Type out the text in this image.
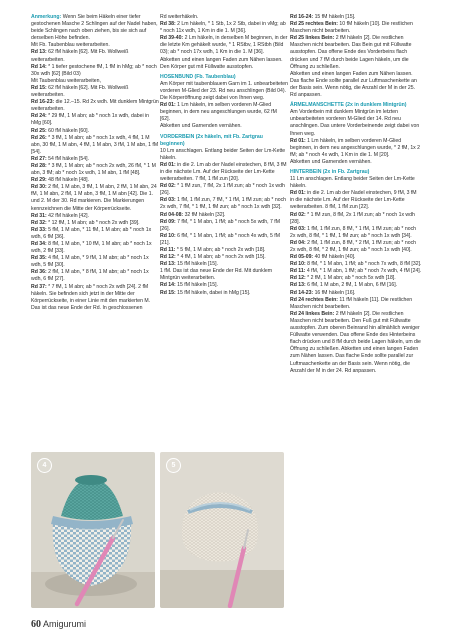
Anmerkung: Wenn Sie beim Häkeln einer tiefer gestochenen Masche 2 Schlingen auf der Nadel haben, beide Schlingen nach oben ziehen, bis sie sich auf derselben Höhe befinden.

Mit Fb. Taubenblau weiterarbeiten.

Rd 13: 62 fM häkeln [62]. Mit Fb. Wollweiß weiterarbeiten.

Rd 14: * 1 tiefer gestochene fM, 1 fM in hMg; ab * noch 30x wdh [62] (Bild 03)

Mit Taubenblau weiterarbeiten,

Rd 15: 62 fM häkeln [62]. Mit Fb. Wollweiß weiterarbeiten.

Rd 16-23: die 12.–15. Rd 2x wdh. Mit dunklem Mintgrün weiterarbeiten.

Rd 24: * 29 fM, 1 M abn; ab * noch 1x wdh, dabei in hMg [60].

Rd 25: 60 fM häkeln [60].

Rd 26: * 3 fM, 1 M abn; ab * noch 1x wdh, 4 fM, 1 M abn, 30 fM, 1 M abn, 4 fM, 1 M abn, 3 fM, 1 M abn, 1 fM [54].

Rd 27: 54 fM häkeln [54].

Rd 28: * 3 fM, 1 M abn; ab * noch 2x wdh, 26 fM, * 1 M abn, 3 fM; ab * noch 1x wdh, 1 M abn, 1 fM [48].

Rd 29: 48 fM häkeln [48].

Rd 30: 2 fM, 1 M abn, 3 fM, 1 M abn, 2 fM, 1 M abn, 24 fM, 1 M abn, 2 fM, 1 M abn, 3 fM, 1 M abn [42]. Die 1. und 2. M der 30. Rd markieren. Die Markierungen kennzeichnen die Mitte der Körperrückseite.

Rd 31: 42 fM häkeln [42].

Rd 32: * 12 fM, 1 M abn; ab * noch 2x wdh [39].

Rd 33: 5 fM, 1 M abn, * 11 fM, 1 M abn; ab * noch 1x wdh, 6 fM [36].

Rd 34: 8 fM, 1 M abn, * 10 fM, 1 M abn; ab * noch 1x wdh, 2 fM [33].

Rd 35: 4 fM, 1 M abn, * 9 fM, 1 M abn; ab * noch 1x wdh, 5 fM [30].

Rd 36: 2 fM, 1 M abn, * 8 fM, 1 M abn; ab * noch 1x wdh, 6 fM [27].

Rd 37: * 7 fM, 1 M abn; ab * noch 2x wdh [24]. 2 fM häkeln. Sie befinden sich jetzt in der Mitte der Körperrückseite, in einer Linie mit den markierten M. Das ist das neue Ende der Rd. In geschlossenen

Rd weiterhäkeln.

Rd 38: 2 Lm häkeln, * 1 Stb, 1x 2 Stb, dabei in vMg; ab * noch 11x wdh, 1 Km in die 1. M [36].

Rd 39-40: 2 Lm häkeln, in derselben M beginnen, in der die letzte Km gehäkelt wurde, * 1 RStbv, 1 RStbh (Bild 03); ab * noch 17x wdh, 1 Km in die 1. M [36].

Abketten und einen langen Faden zum Nähen lassen. Den Körper gut mit Füllwatte ausstopfen.

HOSENBUND (Fb. Taubenblau)

Am Körper mit taubenblauem Garn im 1. unbearbeiteten vorderen M-Glied der 23. Rd neu anschlingen (Bild 04). Die Körperöffnung zeigt dabei von Ihnen weg.

Rd 01: 1 Lm häkeln, im selben vorderen M-Glied beginnen, in dem neu angeschlungen wurde, 62 fM [62].

Abketten und Garnenden vernähen.

VORDERBEIN (2x häkeln, mit Fb. Zartgrau beginnen)

10 Lm anschlagen. Entlang beider Seiten der Lm-Kette häkeln.

Rd 01: in die 2. Lm ab der Nadel einstechen, 8 fM, 3 fM in die nächste Lm. Auf der Rückseite der Lm-Kette weiterarbeiten. 7 fM, 1 fM zun [20].

Rd 02: * 1 fM zun, 7 fM, 2x 1 fM zun; ab * noch 1x wdh [26].

Rd 03: 1 fM, 1 fM zun, 7 fM, * 1 fM, 1 fM zun; ab * noch 2x wdh, 7 fM, * 1 fM, 1 fM zun; ab * noch 1x wdh [32].

Rd 04-08: 32 fM häkeln [32].

Rd 09: 7 fM, * 1 M abn, 1 fM; ab * noch 5x wdh, 7 fM [26].

Rd 10: 6 fM, * 1 M abn, 1 fM; ab * noch 4x wdh, 5 fM [21].

Rd 11: * 5 fM, 1 M abn; ab * noch 2x wdh [18].

Rd 12: * 4 fM, 1 M abn; ab * noch 2x wdh [15].

Rd 13: 15 fM häkeln [15].

1 fM. Das ist das neue Ende der Rd. Mit dunklem Mintgrün weiterarbeiten.

Rd 14: 15 fM häkeln [15].

Rd 15: 15 fM häkeln, dabei in hMg [15].

Rd 16-24: 15 fM häkeln [15].

Rd 25 rechtes Bein: 10 fM häkeln [10]. Die restlichen Maschen nicht bearbeiten.

Rd 25 linkes Bein: 2 fM häkeln [2]. Die restlichen Maschen nicht bearbeiten. Das Bein gut mit Füllwatte ausstopfen. Das offene Ende des Vorderbeins flach drücken und 7 fM durch beide Lagen häkeln, um die Öffnung zu schließen.

Abketten und einen langen Faden zum Nähen lassen. Das flache Ende sollte parallel zur Luftmaschenkette an der Basis sein. Wenn nötig, die Anzahl der M in der 25. Rd anpassen.

ÄRMELMANSCHETTE (2x in dunklem Mintgrün)

Am Vorderbein mit dunklem Mintgrün im letzten unbearbeiteten vorderen M-Glied der 14. Rd neu anschlingen. Das untere Vorderbeinende zeigt dabei von Ihnen weg.

Rd 01: 1 Lm häkeln, im selben vorderen M-Glied beginnen, in dem neu angeschlungen wurde, * 2 fM, 1x 2 fM; ab * noch 4x wdh, 1 Km in die 1. M [20].

Abketten und Garnenden vernähen.

HINTERBEIN (2x in Fb. Zartgrau)

11 Lm anschlagen. Entlang beider Seiten der Lm-Kette häkeln.

Rd 01: in die 2. Lm ab der Nadel einstechen, 9 fM, 3 fM in die nächste Lm. Auf der Rückseite der Lm-Kette weiterarbeiten. 8 fM, 1 fM zun [22].

Rd 02: * 1 fM zun, 8 fM, 2x 1 fM zun; ab * noch 1x wdh [28].

Rd 03: 1 fM, 1 fM zun, 8 fM, * 1 fM, 1 fM zun; ab * noch 2x wdh, 8 fM, * 1 fM, 1 fM zun; ab * noch 1x wdh [34].

Rd 04: 2 fM, 1 fM zun, 8 fM, * 2 fM, 1 fM zun; ab * noch 2x wdh, 8 fM, * 2 fM, 1 fM zun; ab * noch 1x wdh [40].

Rd 05-09: 40 fM häkeln [40].

Rd 10: 8 fM, * 1 M abn, 1 fM; ab * noch 7x wdh, 8 fM [32].

Rd 11: 4 fM, * 1 M abn, 1 fM; ab * noch 7x wdh, 4 fM [24].

Rd 12: * 2 fM, 1 M abn; ab * noch 5x wdh [18].

Rd 13: 6 fM, 1 M abn, 2 fM, 1 M abn, 6 fM [16].

Rd 14-23: 16 fM häkeln [16].

Rd 24 rechtes Bein: 11 fM häkeln [11]. Die restlichen Maschen nicht bearbeiten.

Rd 24 linkes Bein: 2 fM häkeln [2]. Die restlichen Maschen nicht bearbeiten. Den Fuß gut mit Füllwatte ausstopfen. Zum oberen Beinrand hin allmählich weniger Füllwatte verwenden. Das offene Ende des Hinterbeins flach drücken und 8 fM durch beide Lagen häkeln, um die Öffnung zu schließen. Abketten und einen langen Faden zum Nähen lassen. Das flache Ende sollte parallel zur Luftmaschenkette an der Basis sein. Wenn nötig, die Anzahl der M in der 24. Rd anpassen.

4	5
60 Amigurumi
